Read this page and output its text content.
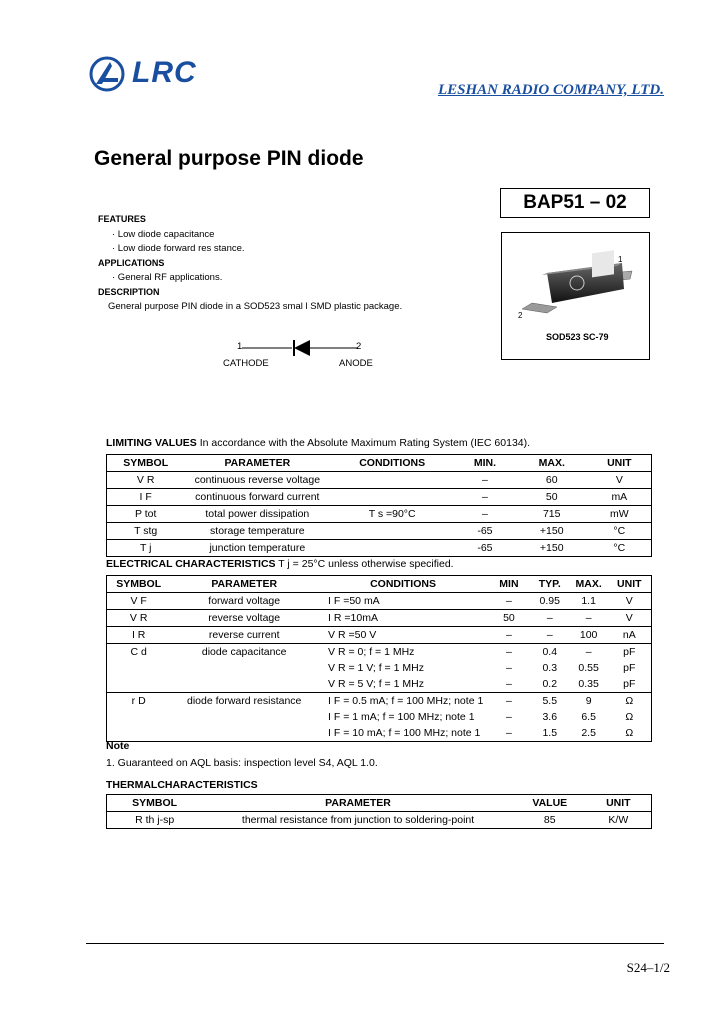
LRC
LESHAN RADIO COMPANY, LTD.
General purpose PIN diode
BAP51 – 02
1
2
SOD523 SC-79
FEATURES
· Low diode capacitance
· Low diode forward res stance.
APPLICATIONS
· General RF applications.
DESCRIPTION
General purpose PIN diode in a SOD523 smal l SMD plastic package.
1	2
CATHODE	ANODE
LIMITING VALUES In accordance with the Absolute Maximum Rating System (IEC 60134).
SYMBOL	PARAMETER	CONDITIONS	MIN.	MAX.	UNIT
V R	continuous reverse voltage		–	60	V
I F	continuous forward current		–	50	mA
P tot	total power dissipation	T s =90°C	–	715	mW
T stg	storage temperature		-65	+150	°C
T j	junction temperature		-65	+150	°C
ELECTRICAL CHARACTERISTICS T j = 25°C unless otherwise specified.
SYMBOL	PARAMETER	CONDITIONS	MIN	TYP.	MAX.	UNIT
V F	forward voltage	I F =50 mA	–	0.95	1.1	V
V R	reverse voltage	I R =10mA	50	–	–	V
I R	reverse current	V R =50 V	–	–	100	nA
C d	diode capacitance	V R = 0; f = 1 MHz	–	0.4	–	pF
		V R = 1 V; f = 1 MHz	–	0.3	0.55	pF
		V R = 5 V; f = 1 MHz	–	0.2	0.35	pF
r D	diode forward resistance	I F = 0.5 mA; f = 100 MHz; note 1	–	5.5	9	Ω
		I F = 1 mA; f = 100 MHz; note 1	–	3.6	6.5	Ω
		I F = 10 mA; f = 100 MHz; note 1	–	1.5	2.5	Ω
Note
1. Guaranteed on AQL basis: inspection level S4, AQL 1.0.
THERMALCHARACTERISTICS
SYMBOL	PARAMETER	VALUE	UNIT
R th j-sp	thermal resistance from junction to soldering-point	85	K/W
S24–1/2
